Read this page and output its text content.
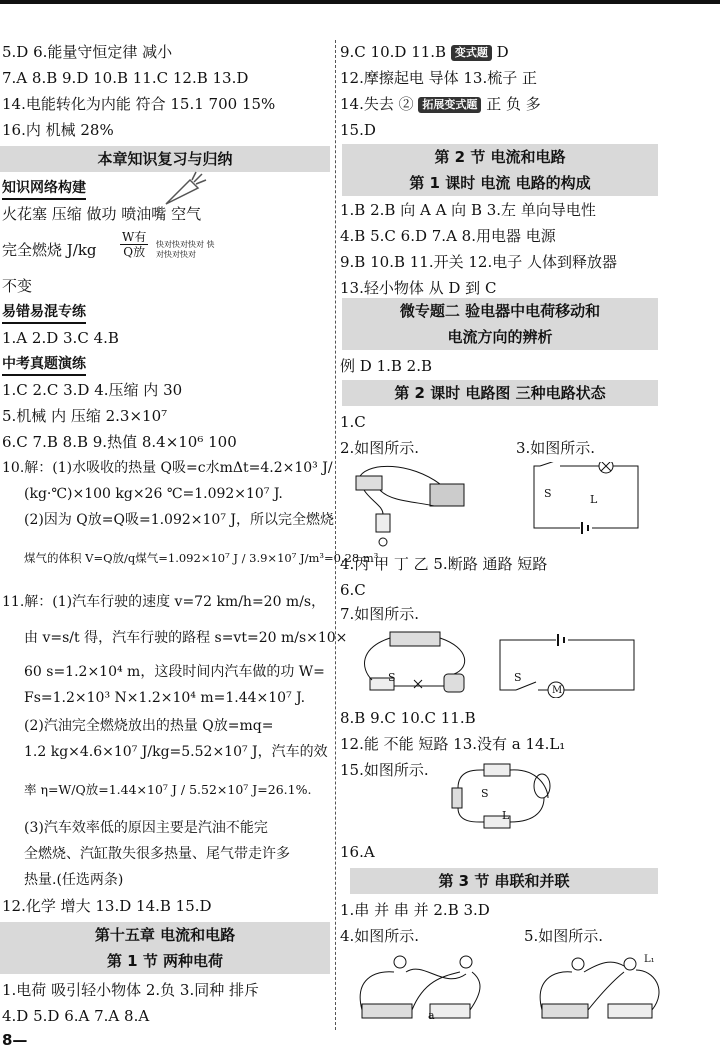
5.D 6.能量守恒定律 减小
7.A 8.B 9.D 10.B 11.C 12.B 13.D
14.电能转化为内能 符合 15.1 700 15%
16.内 机械 28%
本章知识复习与归纳
知识网络构建
火花塞 压缩 做功 喷油嘴 空气
完全燃烧 $J/kg \frac{\text{W有}}{\text{Q放}}$ 快对快对快对 快对快对快对
不变
易错易混专练
1.A 2.D 3.C 4.B
中考真题演练
1.C 2.C 3.D 4.压缩 内 30
5.机械 内 压缩 2.3×10⁷
6.C 7.B 8.B 9.热值 8.4×10⁶ 100
10.解：(1)水吸收的热量 Q吸=c水mΔt=4.2×10³ J/
(kg·℃)×100 kg×26 ℃=1.092×10⁷ J.
(2)因为 Q放=Q吸=1.092×10⁷ J，所以完全燃烧
煤气的体积 V=Q放/q煤气=1.092×10⁷ J / 3.9×10⁷ J/m³=0.28 m³.
11.解：(1)汽车行驶的速度 v=72 km/h=20 m/s，
由 v=s/t 得，汽车行驶的路程 s=vt=20 m/s×10×
60 s=1.2×10⁴ m，这段时间内汽车做的功 W=
Fs=1.2×10³ N×1.2×10⁴ m=1.44×10⁷ J.
(2)汽油完全燃烧放出的热量 Q放=mq=
1.2 kg×4.6×10⁷ J/kg=5.52×10⁷ J，汽车的效
率 η=W/Q放=1.44×10⁷ J / 5.52×10⁷ J=26.1%.
(3)汽车效率低的原因主要是汽油不能完
全燃烧、汽缸散失很多热量、尾气带走许多
热量.(任选两条)
12.化学 增大 13.D 14.B 15.D
第十五章 电流和电路
第 1 节 两种电荷
1.电荷 吸引轻小物体 2.负 3.同种 排斥
4.D 5.D 6.A 7.A 8.A
8—
9.C 10.D 11.B 变式题 D
12.摩擦起电 导体 13.梳子 正
14.失去 ② 拓展变式题 正 负 多
15.D
第 2 节 电流和电路
第 1 课时 电流 电路的构成
1.B 2.B 向 A A 向 B 3.左 单向导电性
4.B 5.C 6.D 7.A 8.用电器 电源
9.B 10.B 11.开关 12.电子 人体到释放器
13.轻小物体 从 D 到 C
微专题二 验电器中电荷移动和
电流方向的辨析
例 D 1.B 2.B
第 2 课时 电路图 三种电路状态
1.C
2.如图所示.	3.如图所示.
S	L
4.丙 甲 丁 乙 5.断路 通路 短路
6.C
7.如图所示.
S	S
M
8.B 9.C 10.C 11.B
12.能 不能 短路 13.没有 a 14.L₁
15.如图所示.
S
L
16.A
第 3 节 串联和并联
1.串 并 串 并 2.B 3.D
4.如图所示.	5.如图所示.
a
L₁
